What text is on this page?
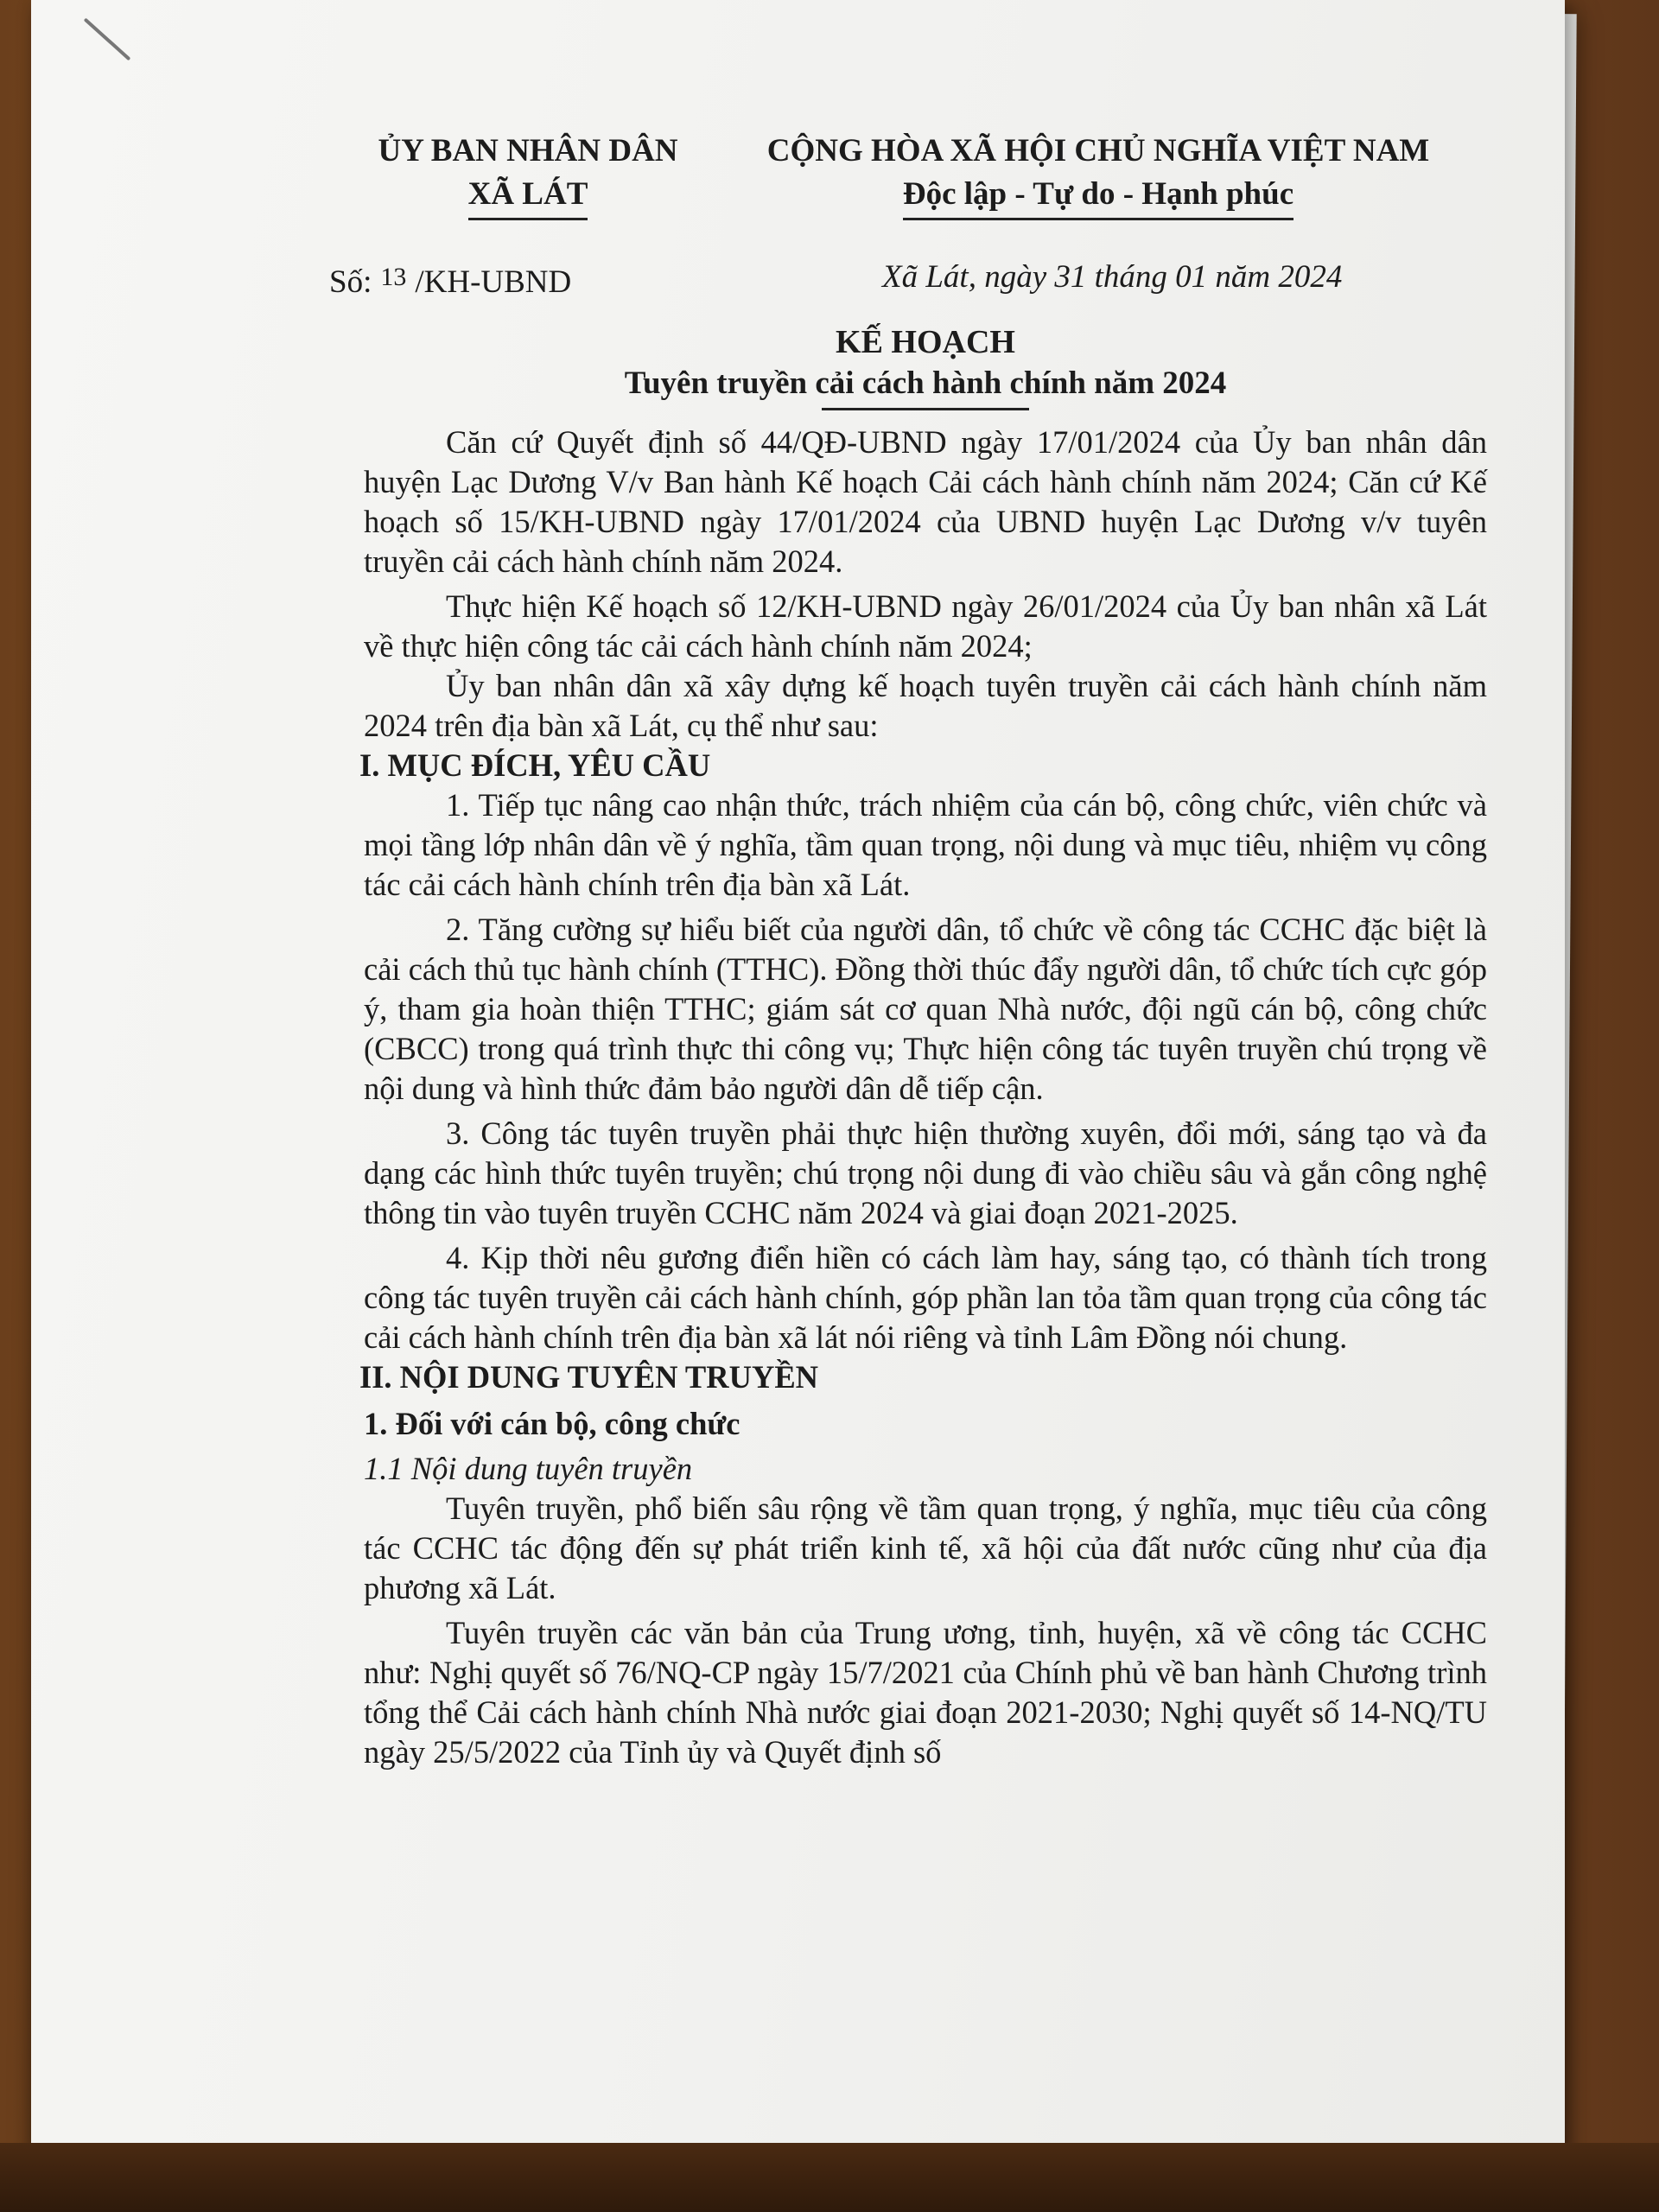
ỦY BAN NHÂN DÂN
XÃ LÁT
CỘNG HÒA XÃ HỘI CHỦ NGHĨA VIỆT NAM
Độc lập - Tự do - Hạnh phúc
Số: $^{13}$ /KH-UBND	Xã Lát, ngày 31 tháng 01 năm 2024
KẾ HOẠCH
Tuyên truyền cải cách hành chính năm 2024

Căn cứ Quyết định số 44/QĐ-UBND ngày 17/01/2024 của Ủy ban nhân dân huyện Lạc Dương V/v Ban hành Kế hoạch Cải cách hành chính năm 2024; Căn cứ Kế hoạch số 15/KH-UBND ngày 17/01/2024 của UBND huyện Lạc Dương v/v tuyên truyền cải cách hành chính năm 2024.

Thực hiện Kế hoạch số 12/KH-UBND ngày 26/01/2024 của Ủy ban nhân xã Lát về thực hiện công tác cải cách hành chính năm 2024;

Ủy ban nhân dân xã xây dựng kế hoạch tuyên truyền cải cách hành chính năm 2024 trên địa bàn xã Lát, cụ thể như sau:

I. MỤC ĐÍCH, YÊU CẦU

1. Tiếp tục nâng cao nhận thức, trách nhiệm của cán bộ, công chức, viên chức và mọi tầng lớp nhân dân về ý nghĩa, tầm quan trọng, nội dung và mục tiêu, nhiệm vụ công tác cải cách hành chính trên địa bàn xã Lát.

2. Tăng cường sự hiểu biết của người dân, tổ chức về công tác CCHC đặc biệt là cải cách thủ tục hành chính (TTHC). Đồng thời thúc đẩy người dân, tổ chức tích cực góp ý, tham gia hoàn thiện TTHC; giám sát cơ quan Nhà nước, đội ngũ cán bộ, công chức (CBCC) trong quá trình thực thi công vụ; Thực hiện công tác tuyên truyền chú trọng về nội dung và hình thức đảm bảo người dân dễ tiếp cận.

3. Công tác tuyên truyền phải thực hiện thường xuyên, đổi mới, sáng tạo và đa dạng các hình thức tuyên truyền; chú trọng nội dung đi vào chiều sâu và gắn công nghệ thông tin vào tuyên truyền CCHC năm 2024 và giai đoạn 2021-2025.

4. Kịp thời nêu gương điển hiền có cách làm hay, sáng tạo, có thành tích trong công tác tuyên truyền cải cách hành chính, góp phần lan tỏa tầm quan trọng của công tác cải cách hành chính trên địa bàn xã lát nói riêng và tỉnh Lâm Đồng nói chung.

II. NỘI DUNG TUYÊN TRUYỀN

1. Đối với cán bộ, công chức

1.1 Nội dung tuyên truyền

Tuyên truyền, phổ biến sâu rộng về tầm quan trọng, ý nghĩa, mục tiêu của công tác CCHC tác động đến sự phát triển kinh tế, xã hội của đất nước cũng như của địa phương xã Lát.

Tuyên truyền các văn bản của Trung ương, tỉnh, huyện, xã về công tác CCHC như: Nghị quyết số 76/NQ-CP ngày 15/7/2021 của Chính phủ về ban hành Chương trình tổng thể Cải cách hành chính Nhà nước giai đoạn 2021-2030; Nghị quyết số 14-NQ/TU ngày 25/5/2022 của Tỉnh ủy và Quyết định số
